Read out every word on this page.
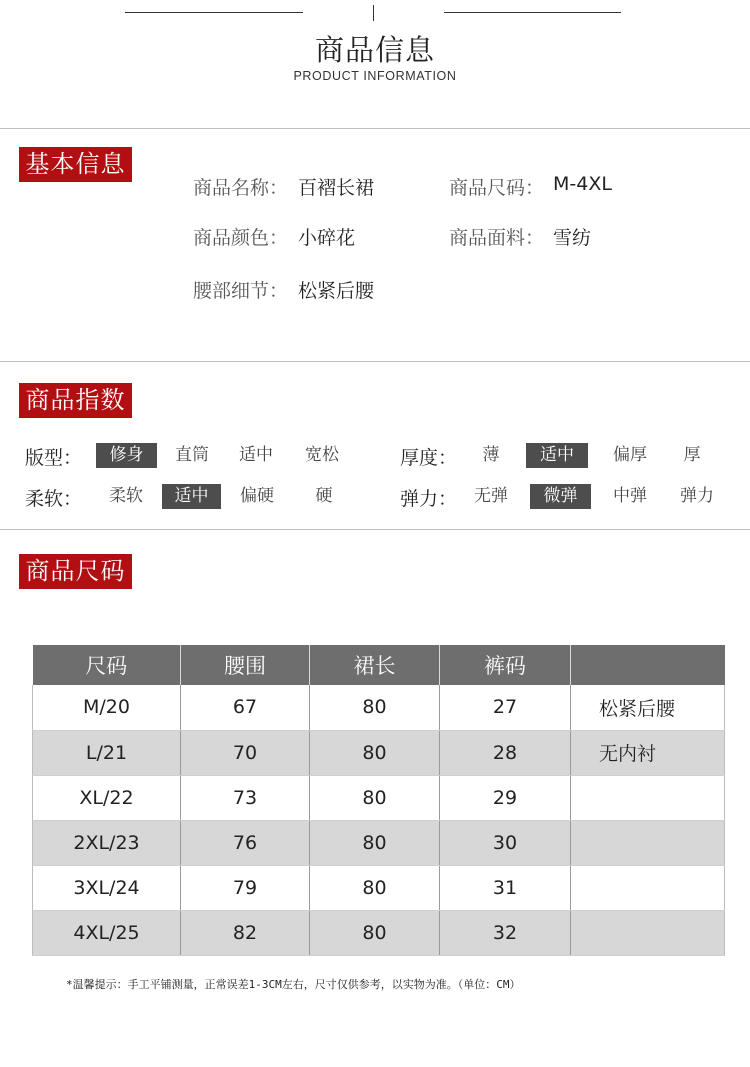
商品信息
PRODUCT INFORMATION
基本信息
商品名称： 百褶长裙	商品尺码： M-4XL
商品颜色： 小碎花	商品面料： 雪纺
腰部细节： 松紧后腰
商品指数
版型：	修身	直筒	适中	宽松	厚度：	薄	适中	偏厚	厚
柔软：	柔软	适中	偏硬	硬	弹力： 无弹	微弹	中弹	弹力
商品尺码
尺码	腰围	裙长	裤码	
M/20	67	80	27	松紧后腰
L/21	70	80	28	无内衬
XL/22	73	80	29	
2XL/23	76	80	30	
3XL/24	79	80	31	
4XL/25	82	80	32	
*温馨提示：手工平铺测量，正常误差1-3CM左右，尺寸仅供参考，以实物为准。（单位：CM）
